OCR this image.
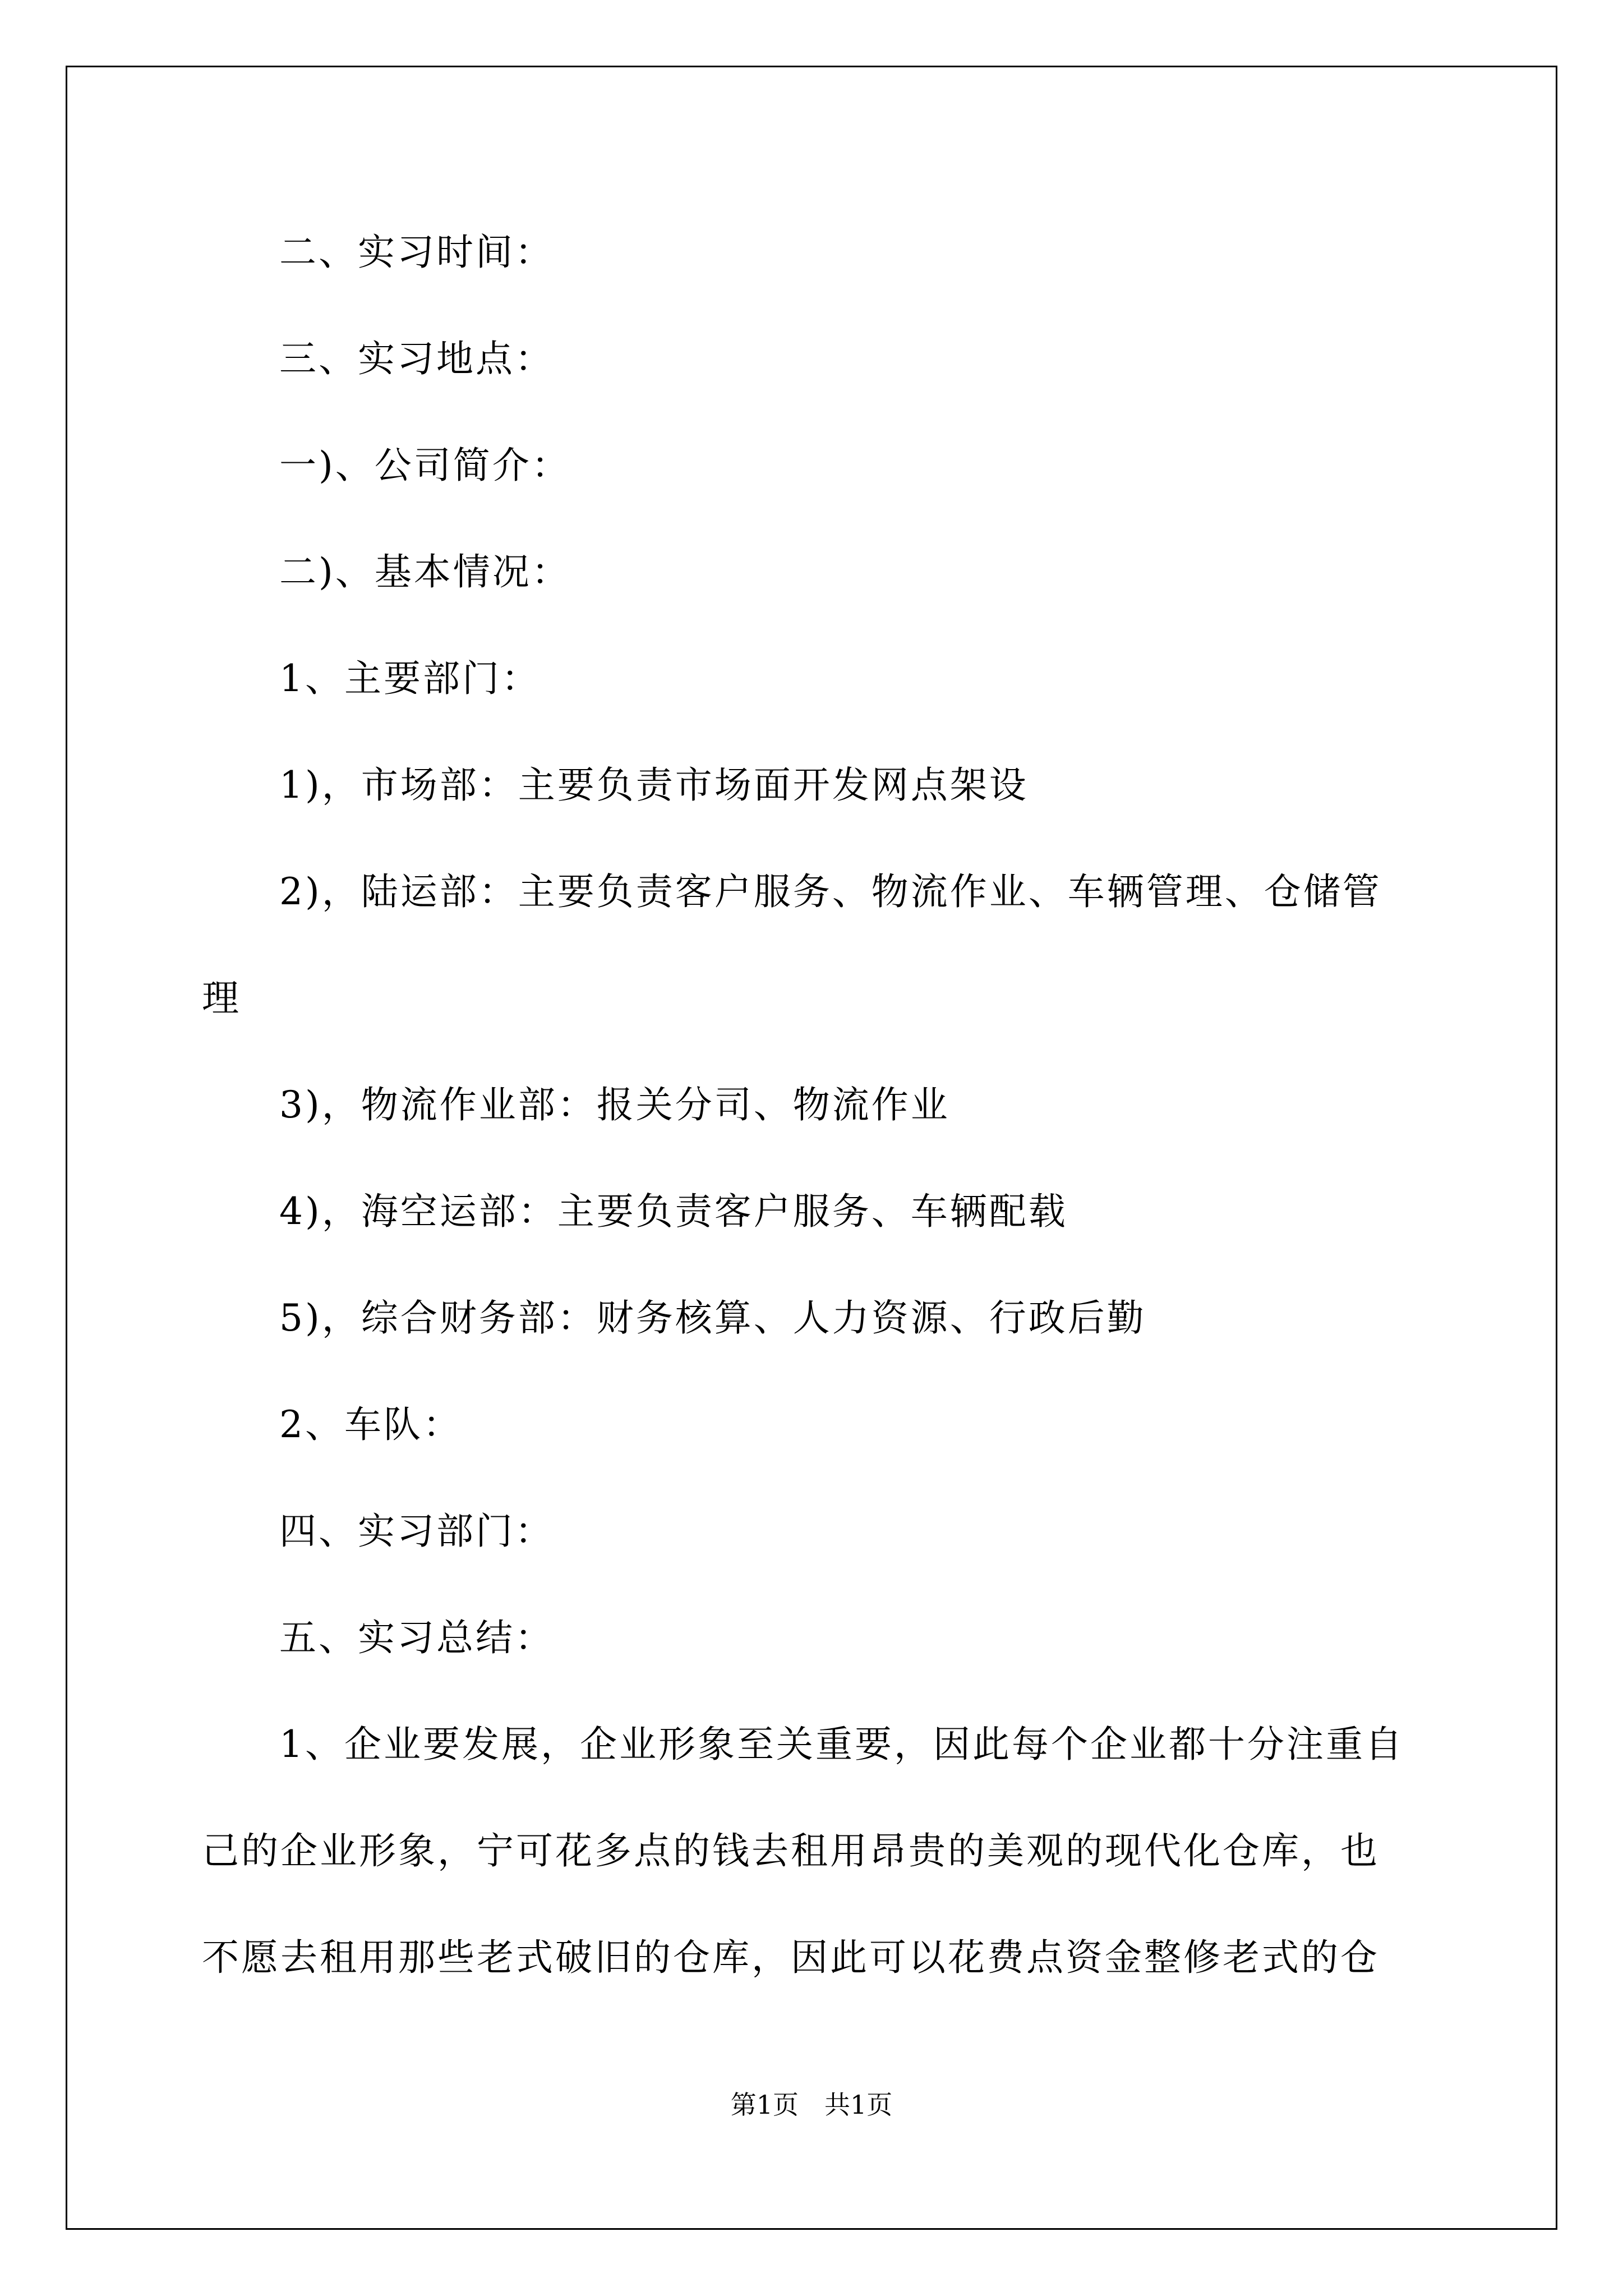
二、实习时间：
三、实习地点：
一)、公司简介：
二)、基本情况：
1、主要部门：
1)，市场部：主要负责市场面开发网点架设
2)，陆运部：主要负责客户服务、物流作业、车辆管理、仓储管
理
3)，物流作业部：报关分司、物流作业
4)，海空运部：主要负责客户服务、车辆配载
5)，综合财务部：财务核算、人力资源、行政后勤
2、车队：
四、实习部门：
五、实习总结：
1、企业要发展，企业形象至关重要，因此每个企业都十分注重自
己的企业形象，宁可花多点的钱去租用昂贵的美观的现代化仓库，也
不愿去租用那些老式破旧的仓库，因此可以花费点资金整修老式的仓
第1页　共1页
